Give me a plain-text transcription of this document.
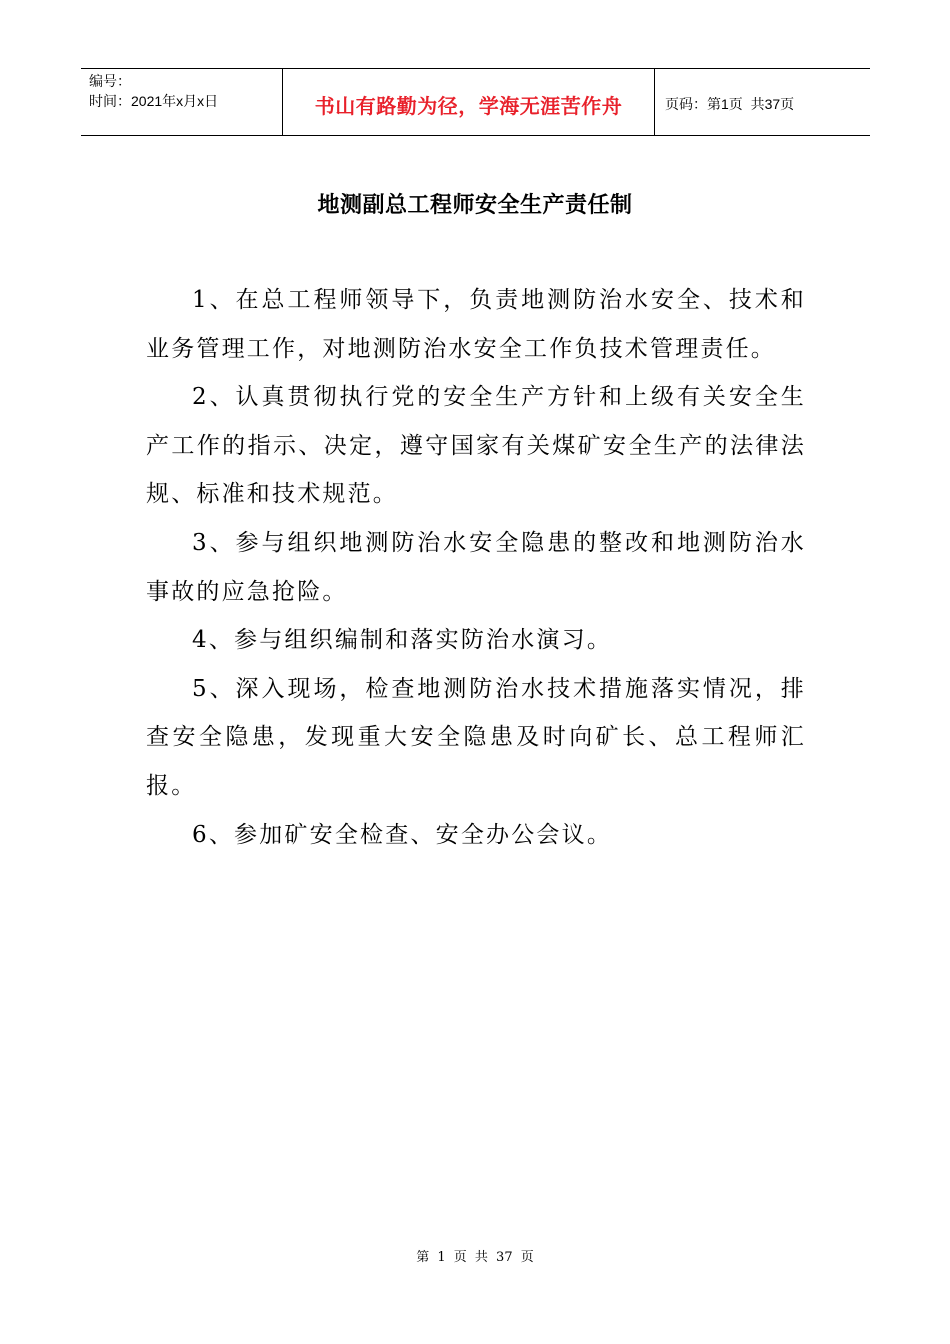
编号：
时间：2021年x月x日	书山有路勤为径，学海无涯苦作舟	页码：第1页  共37页
地测副总工程师安全生产责任制

1、在总工程师领导下，负责地测防治水安全、技术和业务管理工作，对地测防治水安全工作负技术管理责任。

2、认真贯彻执行党的安全生产方针和上级有关安全生产工作的指示、决定，遵守国家有关煤矿安全生产的法律法规、标准和技术规范。

3、参与组织地测防治水安全隐患的整改和地测防治水事故的应急抢险。

4、参与组织编制和落实防治水演习。

5、深入现场，检查地测防治水技术措施落实情况，排查安全隐患，发现重大安全隐患及时向矿长、总工程师汇报。

6、参加矿安全检查、安全办公会议。

第 1 页 共 37 页
